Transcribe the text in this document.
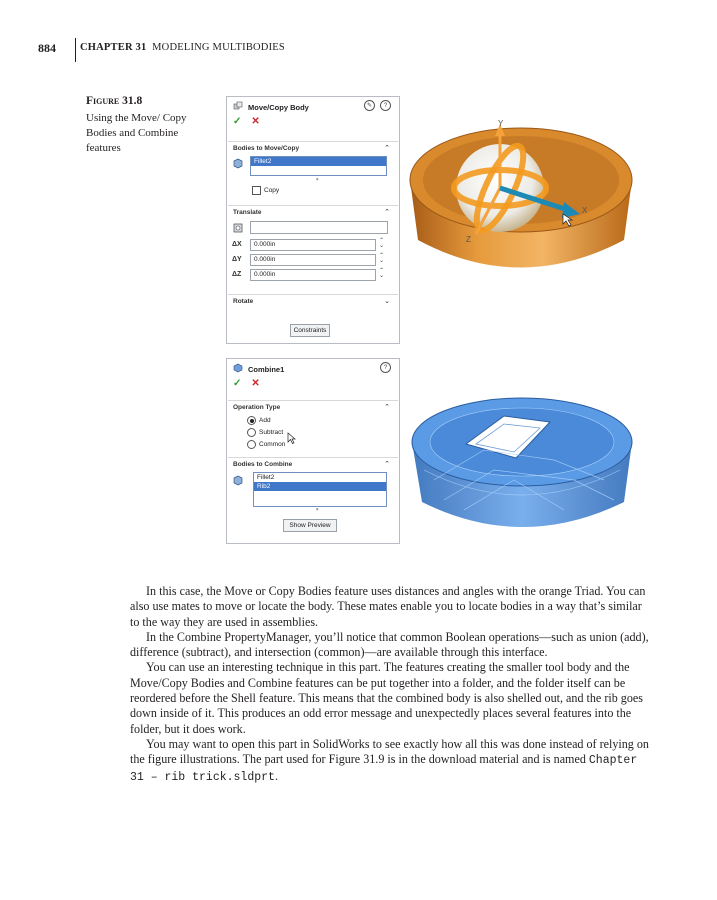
884 CHAPTER 31 MODELING MULTIBODIES
Figure 31.8
Using the Move/ Copy Bodies and Combine features
Move/Copy Body	✎	?
✓ ✕
Bodies to Move/Copy	⌃
Fillet2
⦁
Copy
Translate	⌃
ΔX	0.000in	⌃
⌄
ΔY	0.000in	⌃
⌄
ΔZ	0.000in	⌃
⌄
Rotate	⌄
Constraints
Y
X
Z
Combine1	?
✓ ✕
Operation Type	⌃
Add
Subtract
Common
Bodies to Combine	⌃
Fillet2
Rib2
⦁
Show Preview

In this case, the Move or Copy Bodies feature uses distances and angles with the orange Triad. You can also use mates to move or locate the body. These mates enable you to locate bodies in a way that’s similar to the way they are used in assemblies.

In the Combine PropertyManager, you’ll notice that common Boolean operations—such as union (add), difference (subtract), and intersection (common)—are available through this interface.

You can use an interesting technique in this part. The features creating the smaller tool body and the Move/Copy Bodies and Combine features can be put together into a folder, and the folder itself can be reordered before the Shell feature. This means that the combined body is also shelled out, and the rib goes down inside of it. This produces an odd error message and unexpectedly places several features into the folder, but it does work.

You may want to open this part in SolidWorks to see exactly how all this was done instead of relying on the figure illustrations. The part used for Figure 31.9 is in the download material and is named Chapter 31 – rib trick.sldprt.
